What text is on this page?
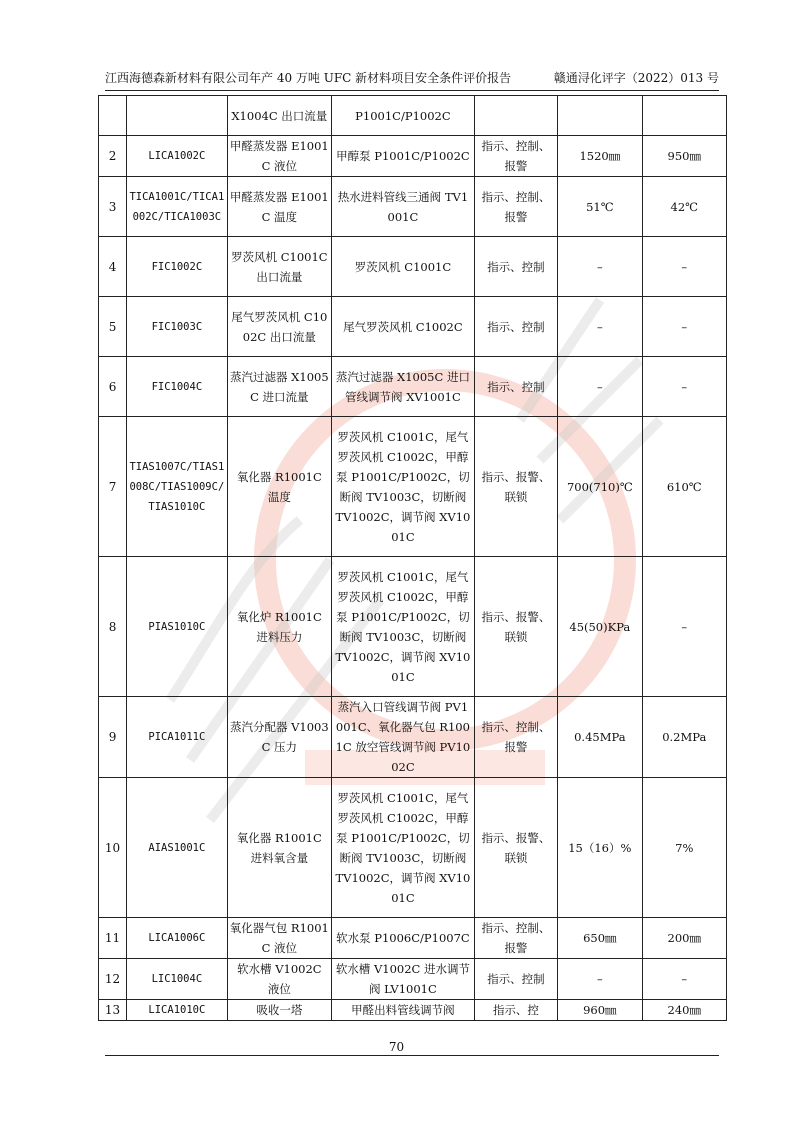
江西海德森新材料有限公司年产 40 万吨 UFC 新材料项目安全条件评价报告	赣通浔化评字（2022）013 号
		X1004C 出口流量	P1001C/P1002C			
2	LICA1002C	甲醛蒸发器 E1001C 液位	甲醇泵 P1001C/P1002C	指示、控制、报警	1520㎜	950㎜
3	TICA1001C/TICA1002C/TICA1003C	甲醛蒸发器 E1001C 温度	热水进料管线三通阀 TV1001C	指示、控制、报警	51℃	42℃
4	FIC1002C	罗茨风机 C1001C 出口流量	罗茨风机 C1001C	指示、控制	–	–
5	FIC1003C	尾气罗茨风机 C1002C 出口流量	尾气罗茨风机 C1002C	指示、控制	–	–
6	FIC1004C	蒸汽过滤器 X1005C 进口流量	蒸汽过滤器 X1005C 进口管线调节阀 XV1001C	指示、控制	–	–
7	TIAS1007C/TIAS1008C/TIAS1009C/TIAS1010C	氧化器 R1001C 温度	罗茨风机 C1001C，尾气罗茨风机 C1002C，甲醇泵 P1001C/P1002C，切断阀 TV1003C，切断阀 TV1002C，调节阀 XV1001C	指示、报警、联锁	700(710)℃	610℃
8	PIAS1010C	氧化炉 R1001C 进料压力	罗茨风机 C1001C，尾气罗茨风机 C1002C，甲醇泵 P1001C/P1002C，切断阀 TV1003C，切断阀 TV1002C，调节阀 XV1001C	指示、报警、联锁	45(50)KPa	–
9	PICA1011C	蒸汽分配器 V1003C 压力	蒸汽入口管线调节阀 PV1001C、氧化器气包 R1001C 放空管线调节阀 PV1002C	指示、控制、报警	0.45MPa	0.2MPa
10	AIAS1001C	氧化器 R1001C 进料氧含量	罗茨风机 C1001C，尾气罗茨风机 C1002C，甲醇泵 P1001C/P1002C，切断阀 TV1003C，切断阀 TV1002C，调节阀 XV1001C	指示、报警、联锁	15（16）%	7%
11	LICA1006C	氧化器气包 R1001C 液位	软水泵 P1006C/P1007C	指示、控制、报警	650㎜	200㎜
12	LIC1004C	软水槽 V1002C 液位	软水槽 V1002C 进水调节阀 LV1001C	指示、控制	–	–
13	LICA1010C	吸收一塔	甲醛出料管线调节阀	指示、控	960㎜	240㎜
70
